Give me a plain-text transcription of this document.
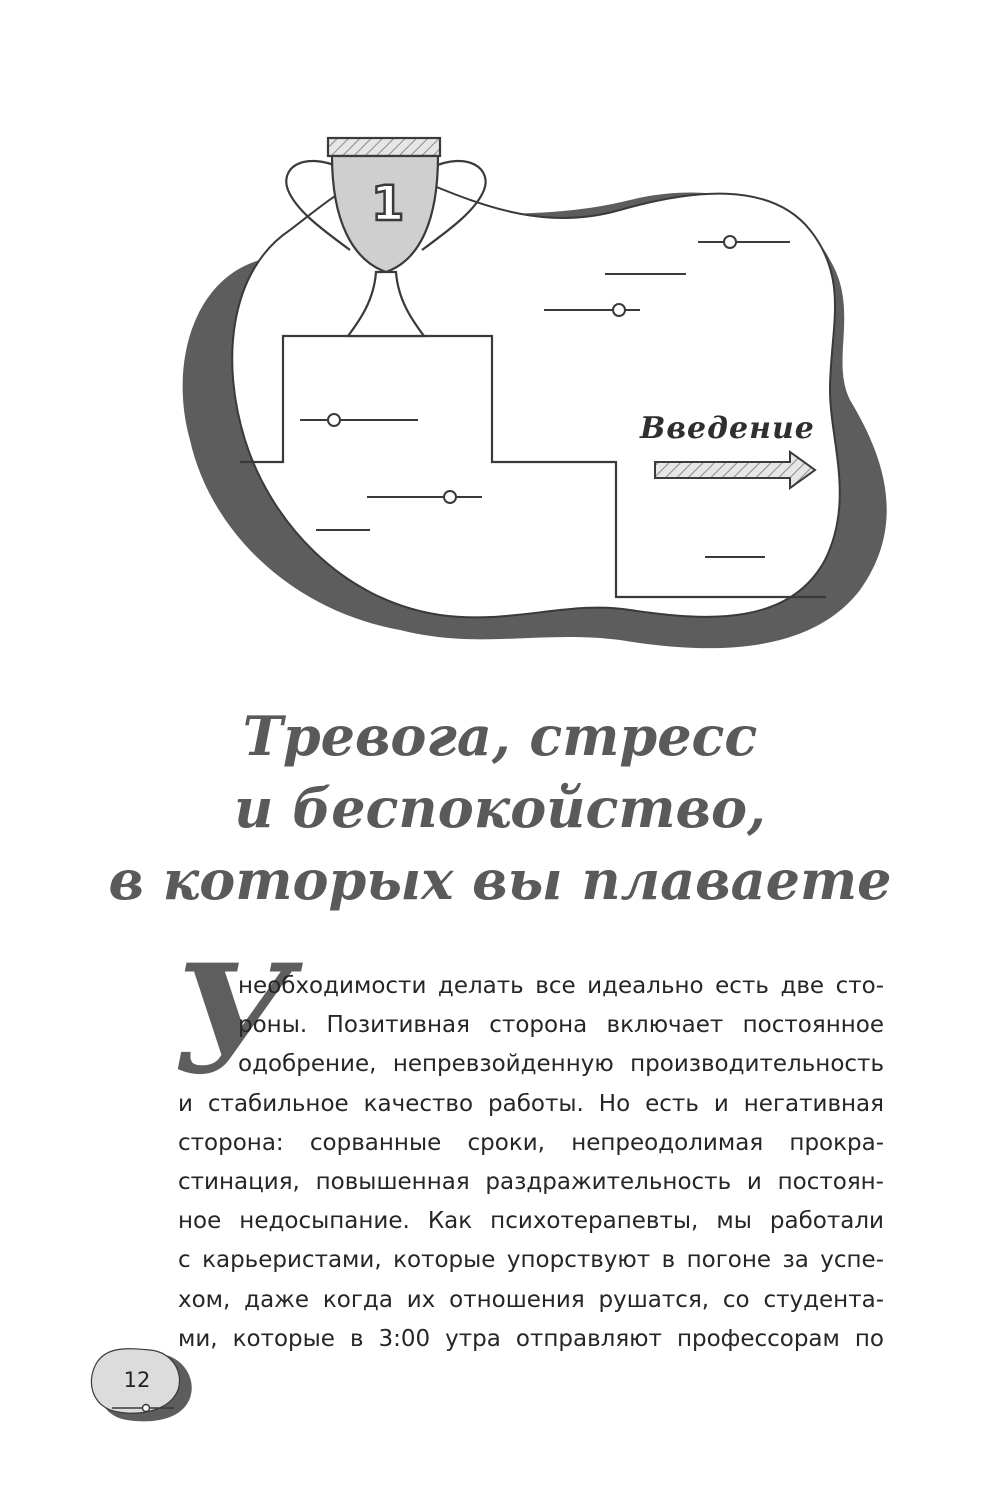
1
Введение
Тревога, стресс
и беспокойство,
в которых вы плаваете
У
необходимости делать все идеально есть две сто-
роны. Позитивная сторона включает постоянное
одобрение, непревзойденную производительность
и стабильное качество работы. Но есть и негативная
сторона: сорванные сроки, непреодолимая прокра-
стинация, повышенная раздражительность и постоян-
ное недосыпание. Как психотерапевты, мы работали
с карьеристами, которые упорствуют в погоне за успе-
хом, даже когда их отношения рушатся, со студента-
ми, которые в 3:00 утра отправляют профессорам по
12
